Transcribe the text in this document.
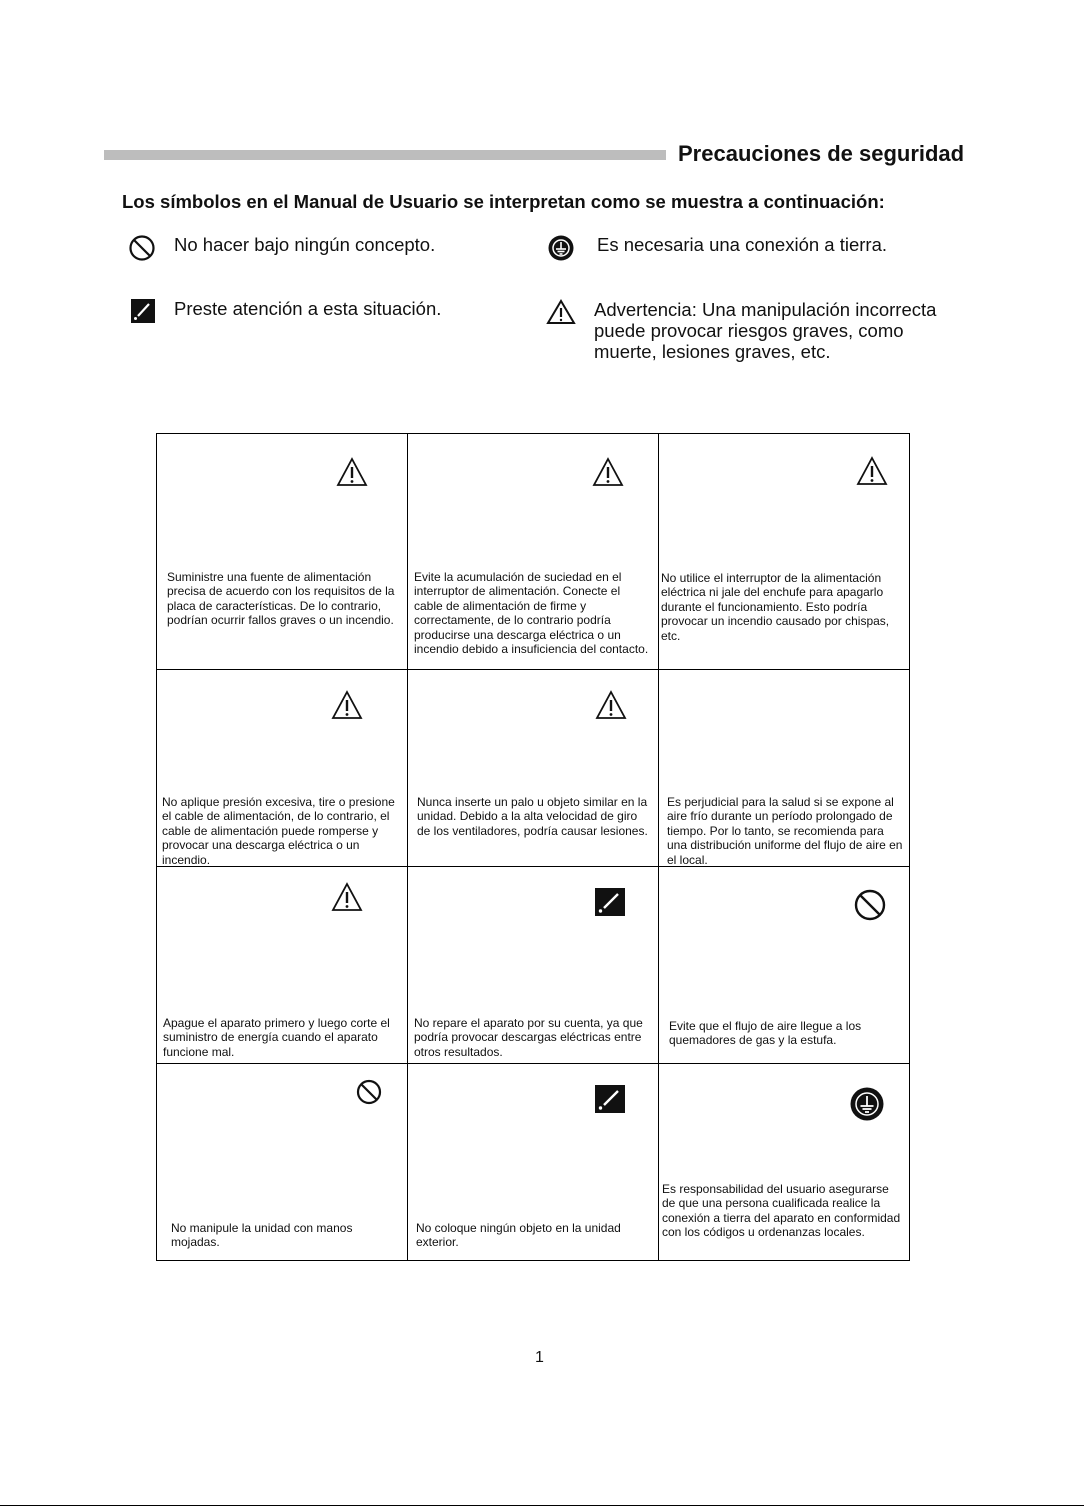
Precauciones de seguridad
Los símbolos en el Manual de Usuario se interpretan como se muestra a continuación:
No hacer bajo ningún concepto.	Es necesaria una conexión a tierra.
Preste atención a esta situación.	Advertencia: Una manipulación incorrecta
puede provocar riesgos graves, como
muerte, lesiones graves, etc.
Suministre una fuente de alimentación precisa de acuerdo con los requisitos de la placa de características. De lo contrario, podrían ocurrir fallos graves o un incendio.
Evite la acumulación de suciedad en el interruptor de alimentación. Conecte el cable de alimentación de firme y correctamente, de lo contrario podría producirse una descarga eléctrica o un incendio debido a insuficiencia del contacto.
No utilice el interruptor de la alimentación eléctrica ni jale del enchufe para apagarlo durante el funcionamiento. Esto podría provocar un incendio causado por chispas, etc.
No aplique presión excesiva, tire o presione el cable de alimentación, de lo contrario, el cable de alimentación puede romperse y provocar una descarga eléctrica o un incendio.
Nunca inserte un palo u objeto similar en la unidad. Debido a la alta velocidad de giro de los ventiladores, podría causar lesiones.
Es perjudicial para la salud si se expone al aire frío durante un período prolongado de tiempo. Por lo tanto, se recomienda para una distribución uniforme del flujo de aire en el local.
Apague el aparato primero y luego corte el suministro de energía cuando el aparato funcione mal.
No repare el aparato por su cuenta, ya que podría provocar descargas eléctricas entre otros resultados.
Evite que el flujo de aire llegue a los quemadores de gas y la estufa.
No manipule la unidad con manos mojadas.
No coloque ningún objeto en la unidad exterior.
Es responsabilidad del usuario asegurarse de que una persona cualificada realice la conexión a tierra del aparato en conformidad con los códigos u ordenanzas locales.
1
